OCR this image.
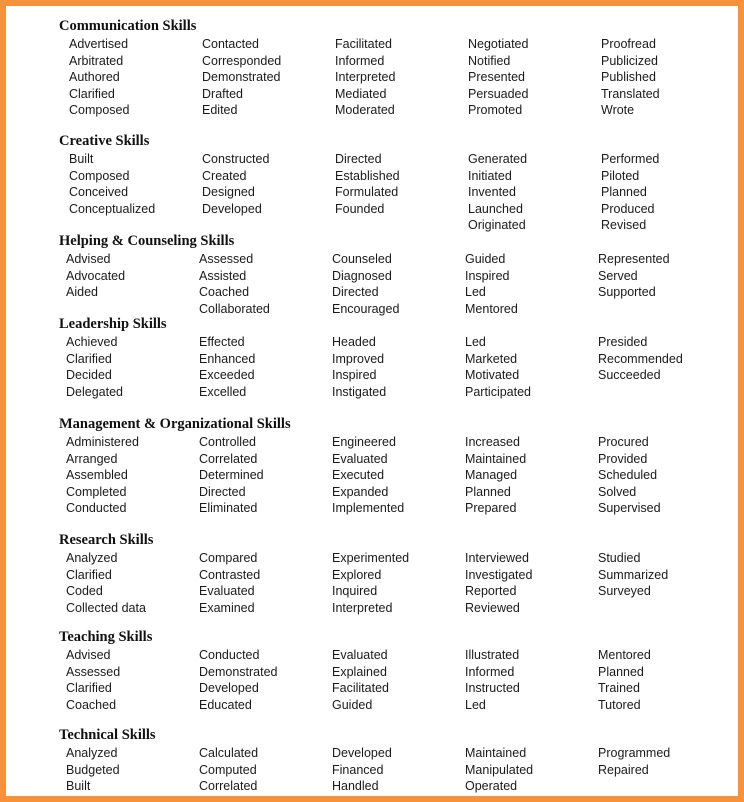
Communication Skills
Advertised
Arbitrated
Authored
Clarified
Composed
Contacted
Corresponded
Demonstrated
Drafted
Edited
Facilitated
Informed
Interpreted
Mediated
Moderated
Negotiated
Notified
Presented
Persuaded
Promoted
Proofread
Publicized
Published
Translated
Wrote
Creative Skills
Built
Composed
Conceived
Conceptualized
Constructed
Created
Designed
Developed
Directed
Established
Formulated
Founded
Generated
Initiated
Invented
Launched
Originated
Performed
Piloted
Planned
Produced
Revised
Helping & Counseling Skills
Advised
Advocated
Aided
Assessed
Assisted
Coached
Collaborated
Counseled
Diagnosed
Directed
Encouraged
Guided
Inspired
Led
Mentored
Represented
Served
Supported
Leadership Skills
Achieved
Clarified
Decided
Delegated
Effected
Enhanced
Exceeded
Excelled
Headed
Improved
Inspired
Instigated
Led
Marketed
Motivated
Participated
Presided
Recommended
Succeeded
Management & Organizational Skills
Administered
Arranged
Assembled
Completed
Conducted
Controlled
Correlated
Determined
Directed
Eliminated
Engineered
Evaluated
Executed
Expanded
Implemented
Increased
Maintained
Managed
Planned
Prepared
Procured
Provided
Scheduled
Solved
Supervised
Research Skills
Analyzed
Clarified
Coded
Collected data
Compared
Contrasted
Evaluated
Examined
Experimented
Explored
Inquired
Interpreted
Interviewed
Investigated
Reported
Reviewed
Studied
Summarized
Surveyed
Teaching Skills
Advised
Assessed
Clarified
Coached
Conducted
Demonstrated
Developed
Educated
Evaluated
Explained
Facilitated
Guided
Illustrated
Informed
Instructed
Led
Mentored
Planned
Trained
Tutored
Technical Skills
Analyzed
Budgeted
Built
Calculated
Computed
Correlated
Developed
Financed
Handled
Maintained
Manipulated
Operated
Programmed
Repaired
